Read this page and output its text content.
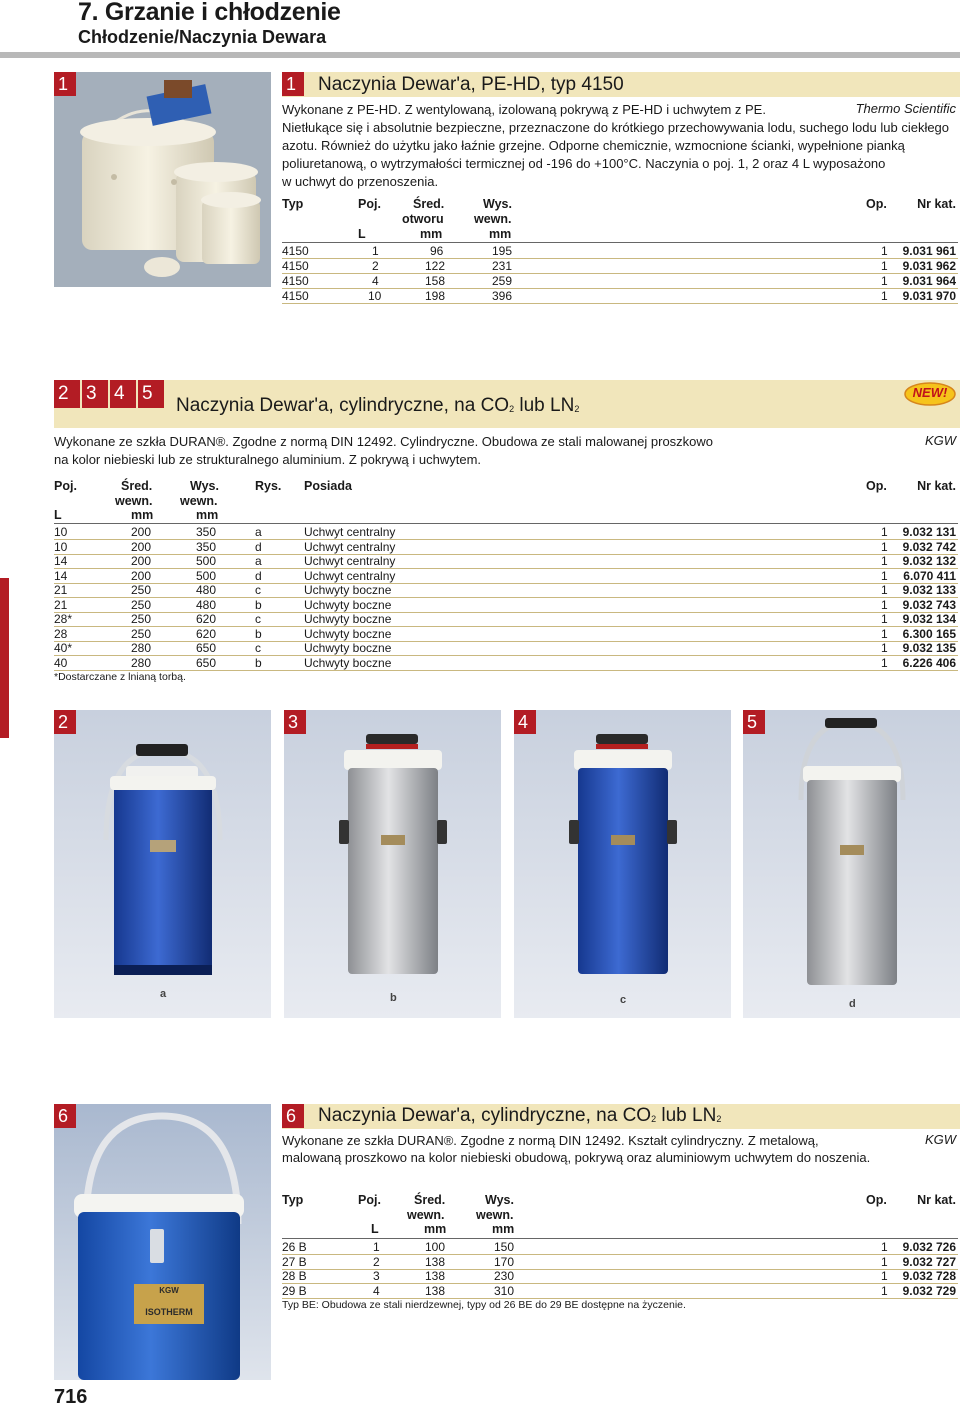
7. Grzanie i chłodzenie
Chłodzenie/Naczynia Dewara
1	1	Naczynia Dewar'a, PE-HD, typ 4150
Wykonane z PE-HD. Z wentylowaną, izolowaną pokrywą z PE-HD i uchwytem z PE.	Thermo Scientific
Nietłukące się i absolutnie bezpieczne, przeznaczone do krótkiego przechowywania lodu, suchego lodu lub ciekłego
azotu. Również do użytku jako łaźnie grzejne. Odporne chemicznie, wzmocnione ścianki, wypełnione pianką
poliuretanową, o wytrzymałości termicznej od -196 do +100°C. Naczynia o poj. 1, 2 oraz 4 L wyposażono
w uchwyt do przenoszenia.
Typ	Poj.	Śred.
otworu
L	mm
Wys.
wewn.
mm
Op. Nr kat.
4150	1	96	195	1 9.031 961
4150	2	122	231	1 9.031 962
4150	4	158	259	1 9.031 964
4150	10	198	396	1 9.031 970
2 3 4 5
Naczynia Dewar'a, cylindryczne, na $CO_2$ lub $LN_2$
NEW!
Wykonane ze szkła DURAN®. Zgodne z normą DIN 12492. Cylindryczne. Obudowa ze stali malowanej proszkowo	KGW
na kolor niebieski lub ze strukturalnego aluminium. Z pokrywą i uchwytem.
Poj.
L
Śred.
wewn.
mm
Wys.
wewn.
mm
Rys. Posiada	Op. Nr kat.
10	200	350	a	Uchwyt centralny	1 9.032 131
10	200	350	d	Uchwyt centralny	1 9.032 742
14	200	500	a	Uchwyt centralny	1 9.032 132
14	200	500	d	Uchwyt centralny	1 6.070 411
21	250	480	c	Uchwyty boczne	1 9.032 133
21	250	480	b	Uchwyty boczne	1 9.032 743
28*	250	620	c	Uchwyty boczne	1 9.032 134
28	250	620	b	Uchwyty boczne	1 6.300 165
40*	280	650	c	Uchwyty boczne	1 9.032 135
40	280	650	b	Uchwyty boczne	1 6.226 406
*Dostarczane z lnianą torbą.
2
a
3
b
4
c
5
d
6
KGW
ISOTHERM
6	Naczynia Dewar'a, cylindryczne, na $CO_2$ lub $LN_2$
Wykonane ze szkła DURAN®. Zgodne z normą DIN 12492. Kształt cylindryczny. Z metalową,	KGW
malowaną proszkowo na kolor niebieski obudową, pokrywą oraz aluminiowym uchwytem do noszenia.
Typ	Poj.
L
Śred.
wewn.
mm
Wys.
wewn.
mm
Op. Nr kat.
26 B	1	100	150	1 9.032 726
27 B	2	138	170	1 9.032 727
28 B	3	138	230	1 9.032 728
29 B	4	138	310	1 9.032 729
Typ BE: Obudowa ze stali nierdzewnej, typy od 26 BE do 29 BE dostępne na życzenie.
716
